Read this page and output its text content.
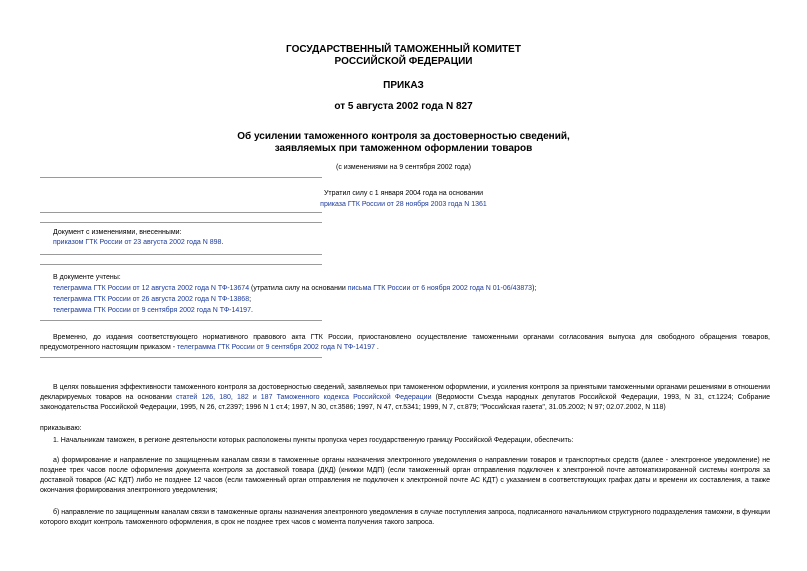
ГОСУДАРСТВЕННЫЙ ТАМОЖЕННЫЙ КОМИТЕТ
РОССИЙСКОЙ ФЕДЕРАЦИИ
ПРИКАЗ
от 5 августа 2002 года N 827
Об усилении таможенного контроля за достоверностью сведений,
заявляемых при таможенном оформлении товаров
(с изменениями на 9 сентября 2002 года)
Утратил силу с 1 января 2004 года на основании
приказа ГТК России от 28 ноября 2003 года N 1361
Документ с изменениями, внесенными:
приказом ГТК России от 23 августа 2002 года N 898.
В документе учтены:
телеграмма ГТК России от 12 августа 2002 года N ТФ-13674 (утратила силу на основании письма ГТК России от 6 ноября 2002 года N 01-06/43873);
телеграмма ГТК России от 26 августа 2002 года N ТФ-13868;
телеграмма ГТК России от 9 сентября 2002 года N ТФ-14197.
Временно, до издания соответствующего нормативного правового акта ГТК России, приостановлено осуществление таможенными органами согласования выпуска для свободного обращения товаров, предусмотренного настоящим приказом - телеграмма ГТК России от 9 сентября 2002 года N ТФ-14197 .
В целях повышения эффективности таможенного контроля за достоверностью сведений, заявляемых при таможенном оформлении, и усиления контроля за принятыми таможенными органами решениями в отношении декларируемых товаров на основании статей 126, 180, 182 и 187 Таможенного кодекса Российской Федерации (Ведомости Съезда народных депутатов Российской Федерации, 1993, N 31, ст.1224; Собрание законодательства Российской Федерации, 1995, N 26, ст.2397; 1996 N 1 ст.4; 1997, N 30, ст.3586; 1997, N 47, ст.5341; 1999, N 7, ст.879; "Российская газета", 31.05.2002; N 97; 02.07.2002, N 118)
приказываю:
1. Начальникам таможен, в регионе деятельности которых расположены пункты пропуска через государственную границу Российской Федерации, обеспечить:
а) формирование и направление по защищенным каналам связи в таможенные органы назначения электронного уведомления о направлении товаров и транспортных средств (далее - электронное уведомление) не позднее трех часов после оформления документа контроля за доставкой товара (ДКД) (книжки МДП) (если таможенный орган отправления подключен к электронной почте автоматизированной системы контроля за доставкой товаров (АС КДТ) либо не позднее 12 часов (если таможенный орган отправления не подключен к электронной почте АС КДТ) с указанием в соответствующих графах даты и времени их составления, а также окончания формирования электронного уведомления;
б) направление по защищенным каналам связи в таможенные органы назначения электронного уведомления в случае поступления запроса, подписанного начальником структурного подразделения таможни, в функции которого входит контроль таможенного оформления, в срок не позднее трех часов с момента получения такого запроса.
